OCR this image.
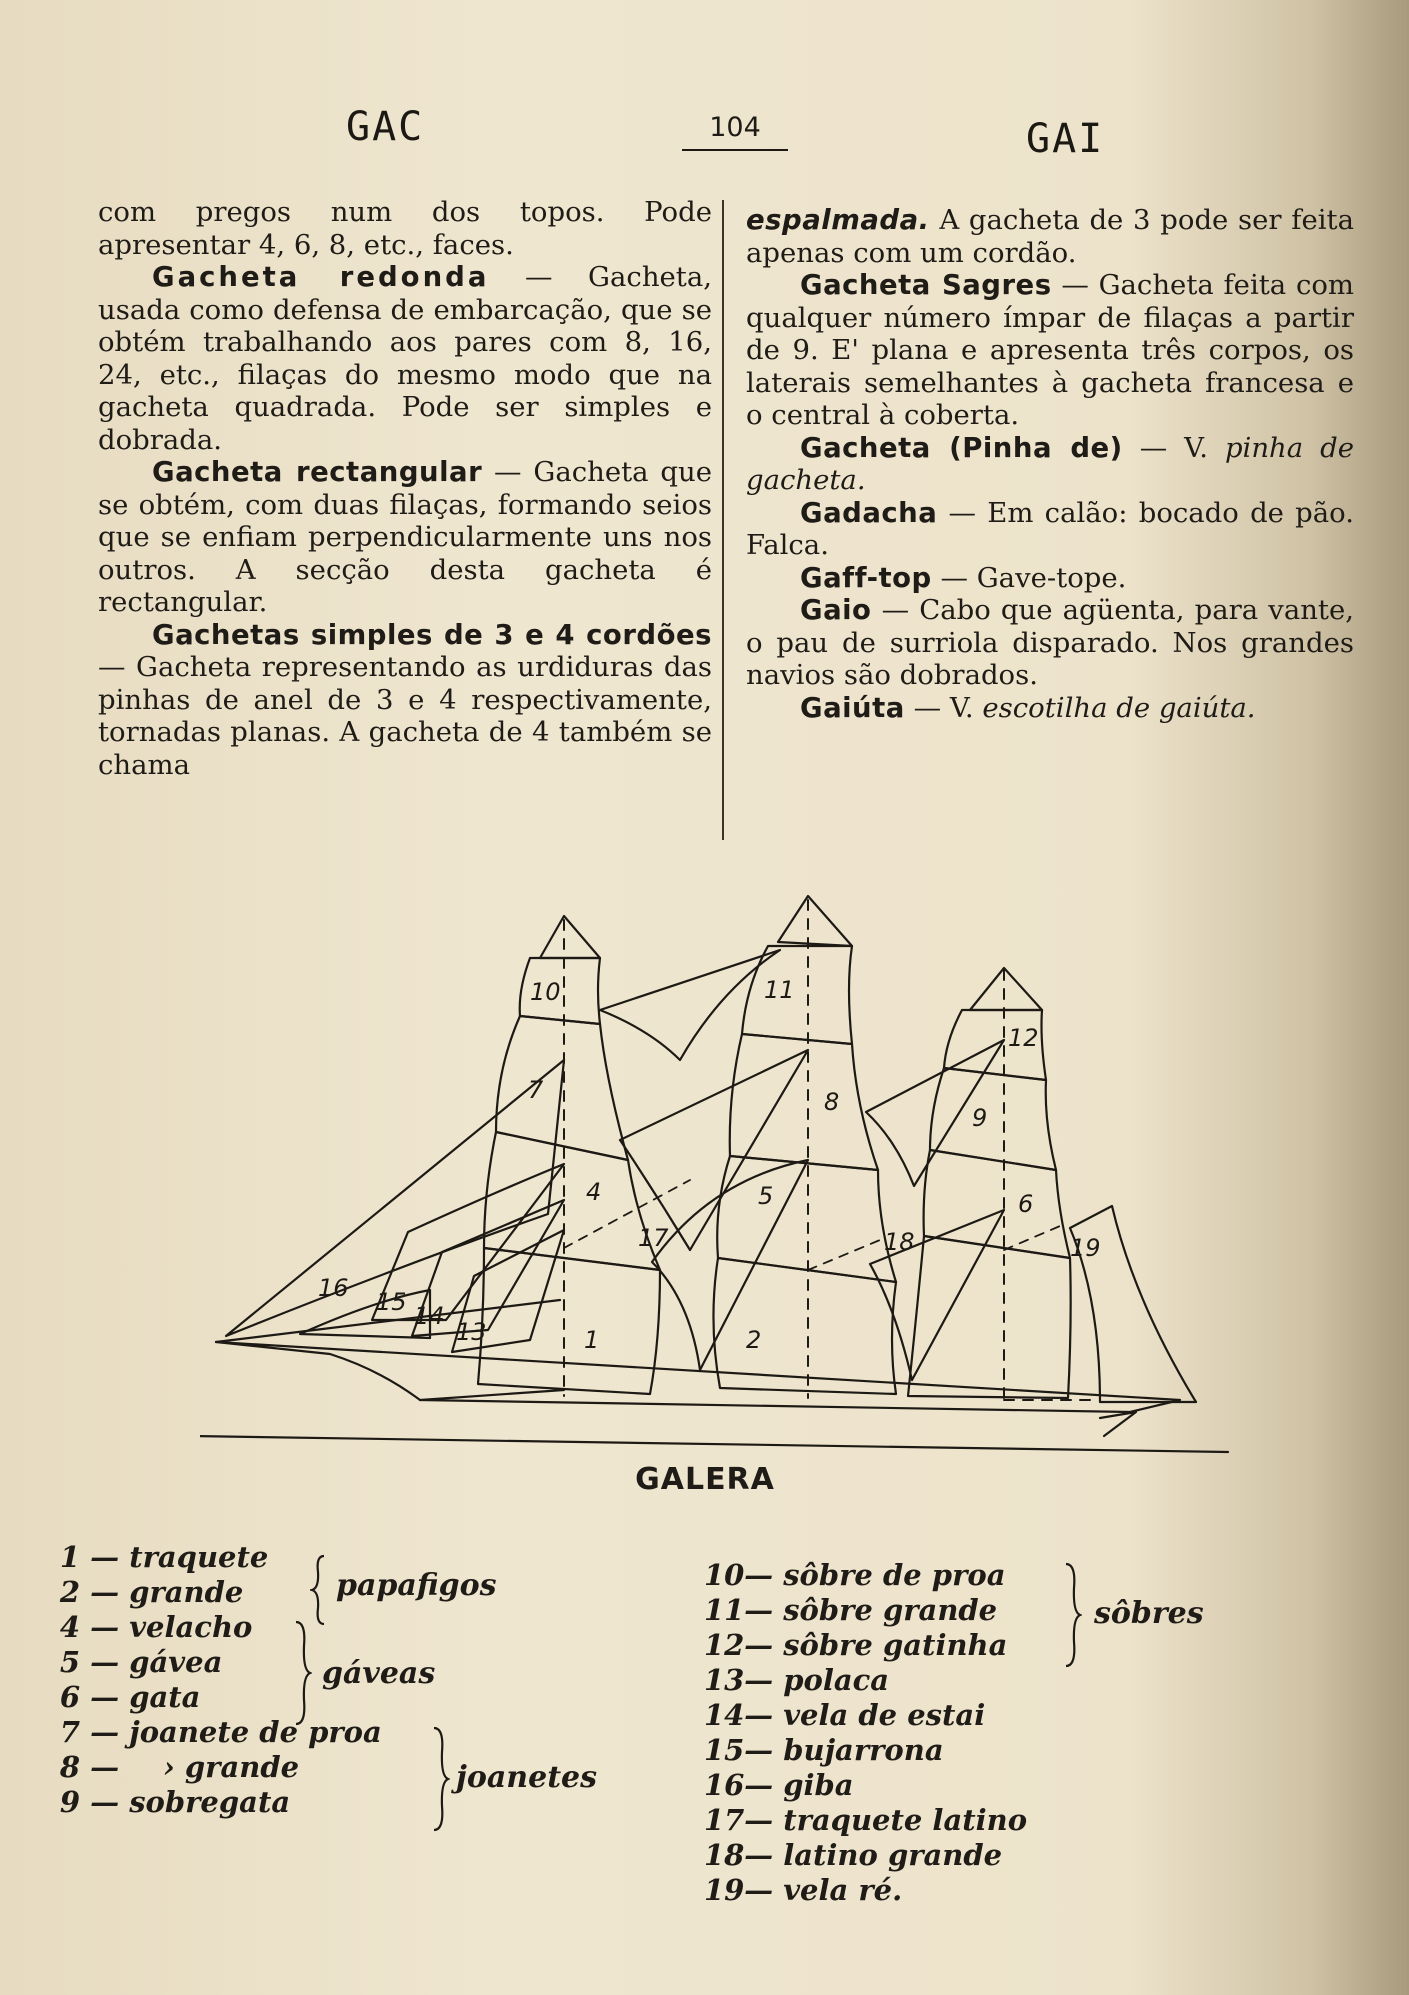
GAC	104	GAI

com pregos num dos topos. Pode apresentar 4, 6, 8, etc., faces.

Gacheta redonda — Gacheta, usada como defensa de embarcação, que se obtém trabalhando aos pares com 8, 16, 24, etc., filaças do mesmo modo que na gacheta quadrada. Pode ser simples e dobrada.

Gacheta rectangular — Gacheta que se obtém, com duas filaças, formando seios que se enfiam perpendicularmente uns nos outros. A secção desta gacheta é rectangular.

Gachetas simples de 3 e 4 cordões — Gacheta representando as urdiduras das pinhas de anel de 3 e 4 respectivamente, tornadas planas. A gacheta de 4 também se chama

espalmada. A gacheta de 3 pode ser feita apenas com um cordão.

Gacheta Sagres — Gacheta feita com qualquer número ímpar de filaças a partir de 9. E' plana e apresenta três corpos, os laterais semelhantes à gacheta francesa e o central à coberta.

Gacheta (Pinha de) — V. pinha de gacheta.

Gadacha — Em calão: bocado de pão. Falca.

Gaff-top — Gave-tope.

Gaio — Cabo que agüenta, para vante, o pau de surriola disparado. Nos grandes navios são dobrados.

Gaiúta — V. escotilha de gaiúta.

10
7
4
1
11
8
5
2
12
9
6
19
18
17
16 15 14
13
GALERA
1 — traquete
2 — grande
4 — velacho
5 — gávea
6 — gata
7 — joanete de proa
8 — › grande
9 — sobregata
papafigos
gáveas
joanetes
10 — sôbre de proa
11 — sôbre grande
12 — sôbre gatinha
13 — polaca
14 — vela de estai
15 — bujarrona
16 — giba
17 — traquete latino
18 — latino grande
19 — vela ré.
sôbres
